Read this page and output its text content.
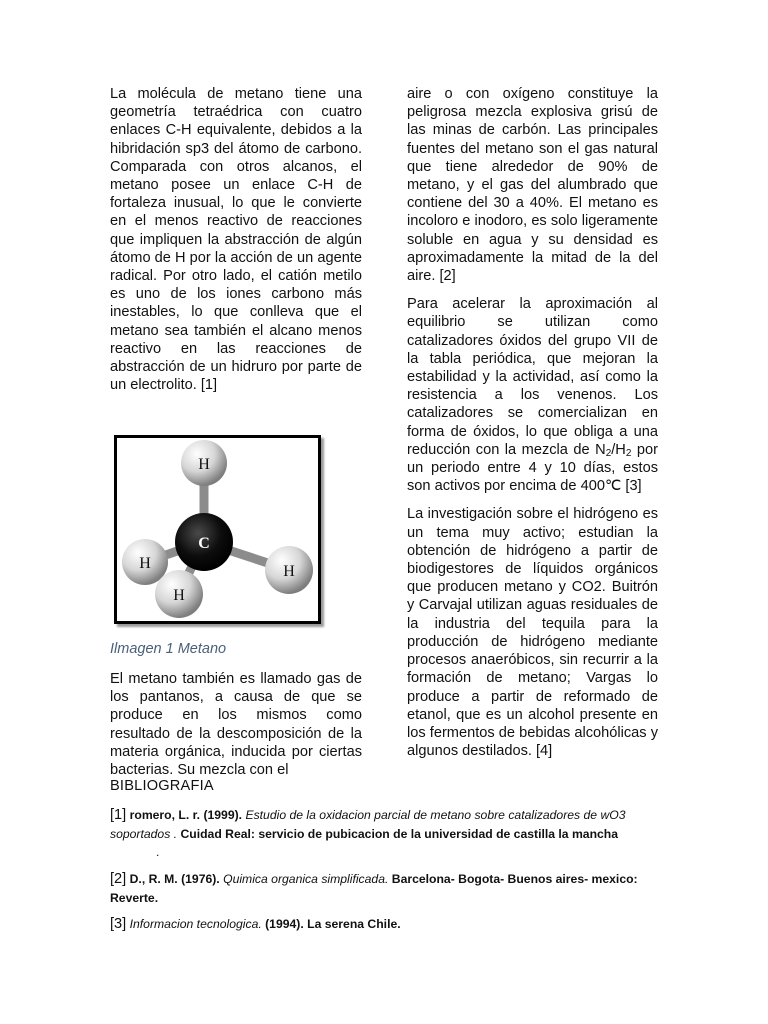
La molécula de metano tiene una geometría tetraédrica con cuatro enlaces C-H equivalente, debidos a la hibridación sp3 del átomo de carbono. Comparada con otros alcanos, el metano posee un enlace C-H de fortaleza inusual, lo que le convierte en el menos reactivo de reacciones que impliquen la abstracción de algún átomo de H por la acción de un agente radical. Por otro lado, el catión metilo es uno de los iones carbono más inestables, lo que conlleva que el metano sea también el alcano menos reactivo en las reacciones de abstracción de un hidruro por parte de un electrolito. [1]

H
C
H	H
H
Ilmagen 1 Metano

El metano también es llamado gas de los pantanos, a causa de que se produce en los mismos como resultado de la descomposición de la materia orgánica, inducida por ciertas bacterias. Su mezcla con el

aire o con oxígeno constituye la peligrosa mezcla explosiva grisú de las minas de carbón. Las principales fuentes del metano son el gas natural que tiene alrededor de 90% de metano, y el gas del alumbrado que contiene del 30 a 40%. El metano es incoloro e inodoro, es solo ligeramente soluble en agua y su densidad es aproximadamente la mitad de la del aire. [2]

Para acelerar la aproximación al equilibrio se utilizan como catalizadores óxidos del grupo VII de la tabla periódica, que mejoran la estabilidad y la actividad, así como la resistencia a los venenos. Los catalizadores se comercializan en forma de óxidos, lo que obliga a una reducción con la mezcla de $N_2/H_2$ por un periodo entre 4 y 10 días, estos son activos por encima de 400℃ [3]

La investigación sobre el hidrógeno es un tema muy activo; estudian la obtención de hidrógeno a partir de biodigestores de líquidos orgánicos que producen metano y CO2. Buitrón y Carvajal utilizan aguas residuales de la industria del tequila para la producción de hidrógeno mediante procesos anaeróbicos, sin recurrir a la formación de metano; Vargas lo produce a partir de reformado de etanol, que es un alcohol presente en los fermentos de bebidas alcohólicas y algunos destilados. [4]

BIBLIOGRAFIA
[1] romero, L. r. (1999). Estudio de la oxidacion parcial de metano sobre catalizadores de wO3 soportados . Cuidad Real: servicio de pubicacion de la universidad de castilla la mancha
.
[2] D., R. M. (1976). Quimica organica simplificada. Barcelona- Bogota- Buenos aires- mexico: Reverte.
[3] Informacion tecnologica. (1994). La serena Chile.
